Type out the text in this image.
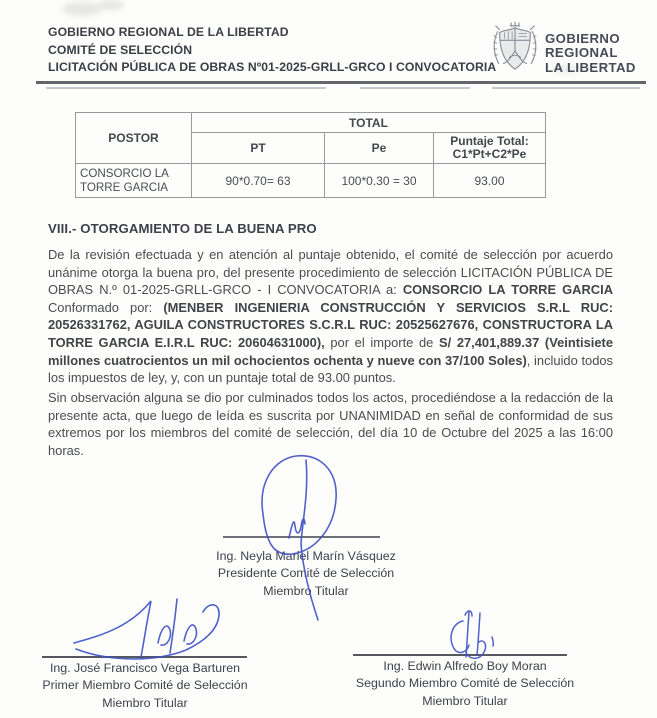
GOBIERNO REGIONAL DE LA LIBERTAD
COMITÉ DE SELECCIÓN
LICITACIÓN PÚBLICA DE OBRAS Nº01-2025-GRLL-GRCO I CONVOCATORIA
GOBIERNO
REGIONAL
LA LIBERTAD
POSTOR	TOTAL		
	PT	Pe	Puntaje Total:
C1*Pt+C2*Pe

CONSORCIO LA TORRE GARCIA	90*0.70= 63	100*0.30 = 30	93.00
VIII.- OTORGAMIENTO DE LA BUENA PRO
De la revisión efectuada y en atención al puntaje obtenido, el comité de selección por acuerdo unánime otorga la buena pro, del presente procedimiento de selección LICITACIÓN PÚBLICA DE OBRAS N.º 01-2025-GRLL-GRCO - I CONVOCATORIA a: CONSORCIO LA TORRE GARCIA Conformado por: (MENBER INGENIERIA CONSTRUCCIÓN Y SERVICIOS S.R.L RUC: 20526331762, AGUILA CONSTRUCTORES S.C.R.L RUC: 20525627676, CONSTRUCTORA LA TORRE GARCIA E.I.R.L RUC: 20604631000), por el importe de S/ 27,401,889.37 (Veintisiete millones cuatrocientos un mil ochocientos ochenta y nueve con 37/100 Soles), incluido todos los impuestos de ley, y, con un puntaje total de 93.00 puntos.
Sin observación alguna se dio por culminados todos los actos, procediéndose a la redacción de la presente acta, que luego de leída es suscrita por UNANIMIDAD en señal de conformidad de sus extremos por los miembros del comité de selección, del día 10 de Octubre del 2025 a las 16:00 horas.
Ing. Neyla Mariel Marín Vásquez
Presidente Comité de Selección
Miembro Titular
Ing. José Francisco Vega Barturen
Primer Miembro Comité de Selección
Miembro Titular
Ing. Edwin Alfredo Boy Moran
Segundo Miembro Comité de Selección
Miembro Titular
